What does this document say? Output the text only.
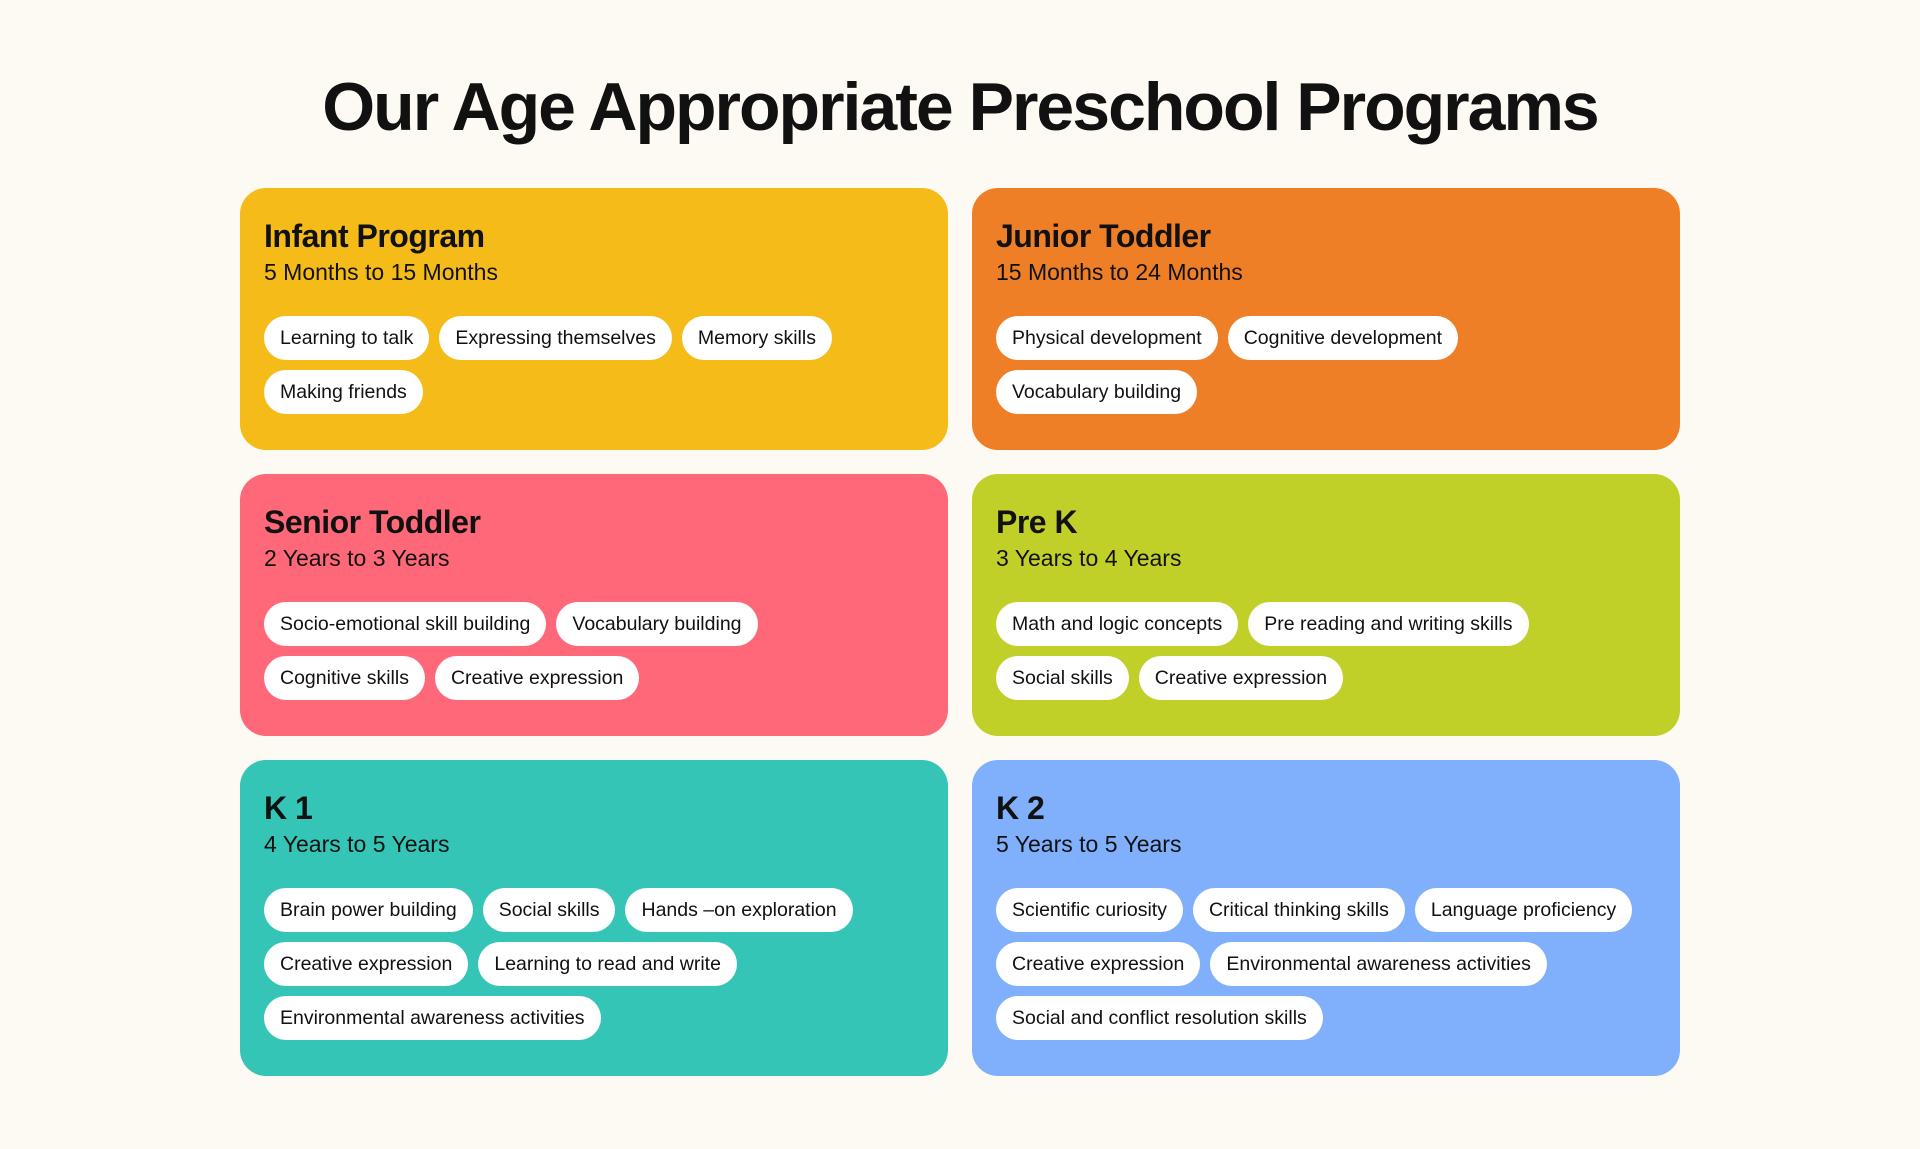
Our Age Appropriate Preschool Programs
Infant Program

5 Months to 15 Months

Learning to talk	Expressing themselves	Memory skills
Making friends
Junior Toddler

15 Months to 24 Months

Physical development	Cognitive development
Vocabulary building
Senior Toddler

2 Years to 3 Years

Socio-emotional skill building	Vocabulary building
Cognitive skills	Creative expression
Pre K

3 Years to 4 Years

Math and logic concepts	Pre reading and writing skills
Social skills	Creative expression
K 1

4 Years to 5 Years

Brain power building	Social skills	Hands –on exploration
Creative expression	Learning to read and write
Environmental awareness activities
K 2

5 Years to 5 Years

Scientific curiosity	Critical thinking skills	Language proficiency
Creative expression	Environmental awareness activities
Social and conflict resolution skills
